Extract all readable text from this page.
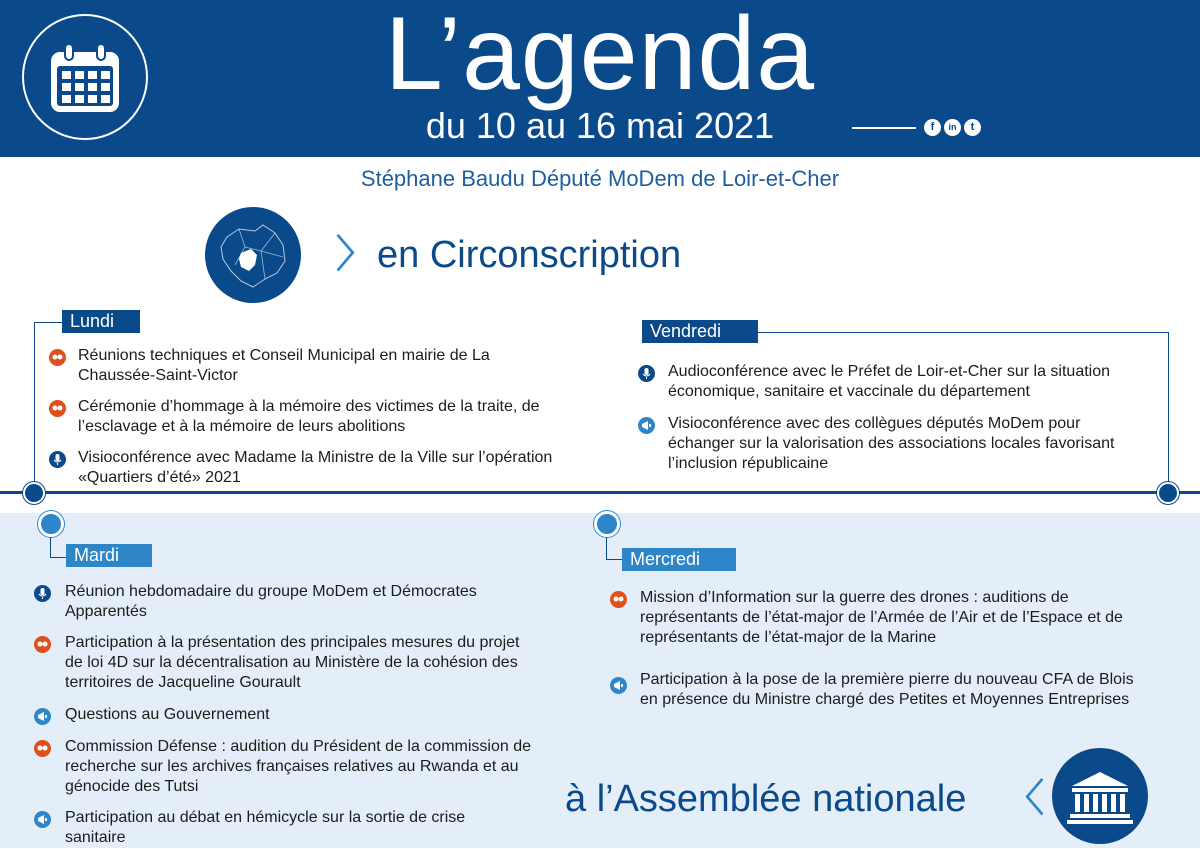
L’agenda
du 10 au 16 mai 2021	f	in	t
Stéphane Baudu Député MoDem de Loir-et-Cher
〉 en Circonscription
Lundi
Réunions techniques et Conseil Municipal en mairie de La Chaussée-Saint-Victor
Cérémonie d’hommage à la mémoire des victimes de la traite, de l’esclavage et à la mémoire de leurs abolitions
Visioconférence avec Madame la Ministre de la Ville sur l’opération «Quartiers d’été» 2021
Vendredi
Audioconférence avec le Préfet de Loir-et-Cher sur la situation économique, sanitaire et vaccinale du département
Visioconférence avec des collègues députés MoDem pour échanger sur la valorisation des associations locales favorisant l’inclusion républicaine
Mardi
Réunion hebdomadaire du groupe MoDem et Démocrates Apparentés
Participation à la présentation des principales mesures du projet de loi 4D sur la décentralisation au Ministère de la cohésion des territoires de Jacqueline Gourault
Questions au Gouvernement
Commission Défense : audition du Président de la commission de recherche sur les archives françaises relatives au Rwanda et au génocide des Tutsi
Participation au débat en hémicycle sur la sortie de crise sanitaire
Mercredi
Mission d’Information sur la guerre des drones : auditions de représentants de l’état-major de l’Armée de l’Air et de l’Espace et de représentants de l’état-major de la Marine
Participation à la pose de la première pierre du nouveau CFA de Blois en présence du Ministre chargé des Petites et Moyennes Entreprises
à l’Assemblée nationale 〈
